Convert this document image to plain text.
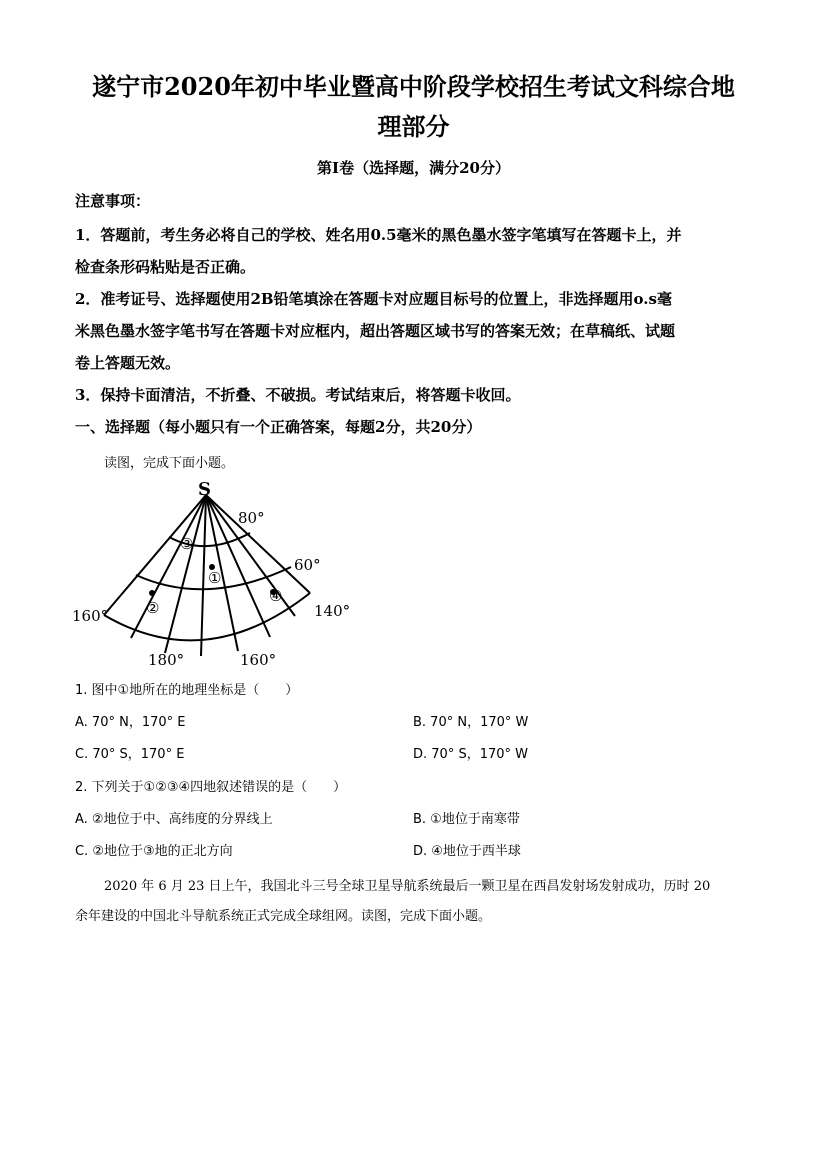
遂宁市2020年初中毕业暨高中阶段学校招生考试文科综合地
理部分
第I卷（选择题，满分20分）
注意事项：
1．答题前，考生务必将自己的学校、姓名用0.5毫米的黑色墨水签字笔填写在答题卡上，并
检查条形码粘贴是否正确。
2．准考证号、选择题使用2B铅笔填涂在答题卡对应题目标号的位置上，非选择题用o.s毫
米黑色墨水签字笔书写在答题卡对应框内，超出答题区域书写的答案无效；在草稿纸、试题
卷上答题无效。
3．保持卡面清洁，不折叠、不破损。考试结束后，将答题卡收回。
一、选择题（每小题只有一个正确答案，每题2分，共20分）
读图，完成下面小题。
S
80°
60°
160°	140°
180°	160°
③
①
②
④
1. 图中①地所在的地理坐标是（　　）
A. 70° N，170° E	B. 70° N，170° W
C. 70° S，170° E	D. 70° S，170° W
2. 下列关于①②③④四地叙述错误的是（　　）
A. ②地位于中、高纬度的分界线上	B. ①地位于南寒带
C. ②地位于③地的正北方向	D. ④地位于西半球
2020 年 6 月 23 日上午，我国北斗三号全球卫星导航系统最后一颗卫星在西昌发射场发射成功，历时 20
余年建设的中国北斗导航系统正式完成全球组网。读图，完成下面小题。
